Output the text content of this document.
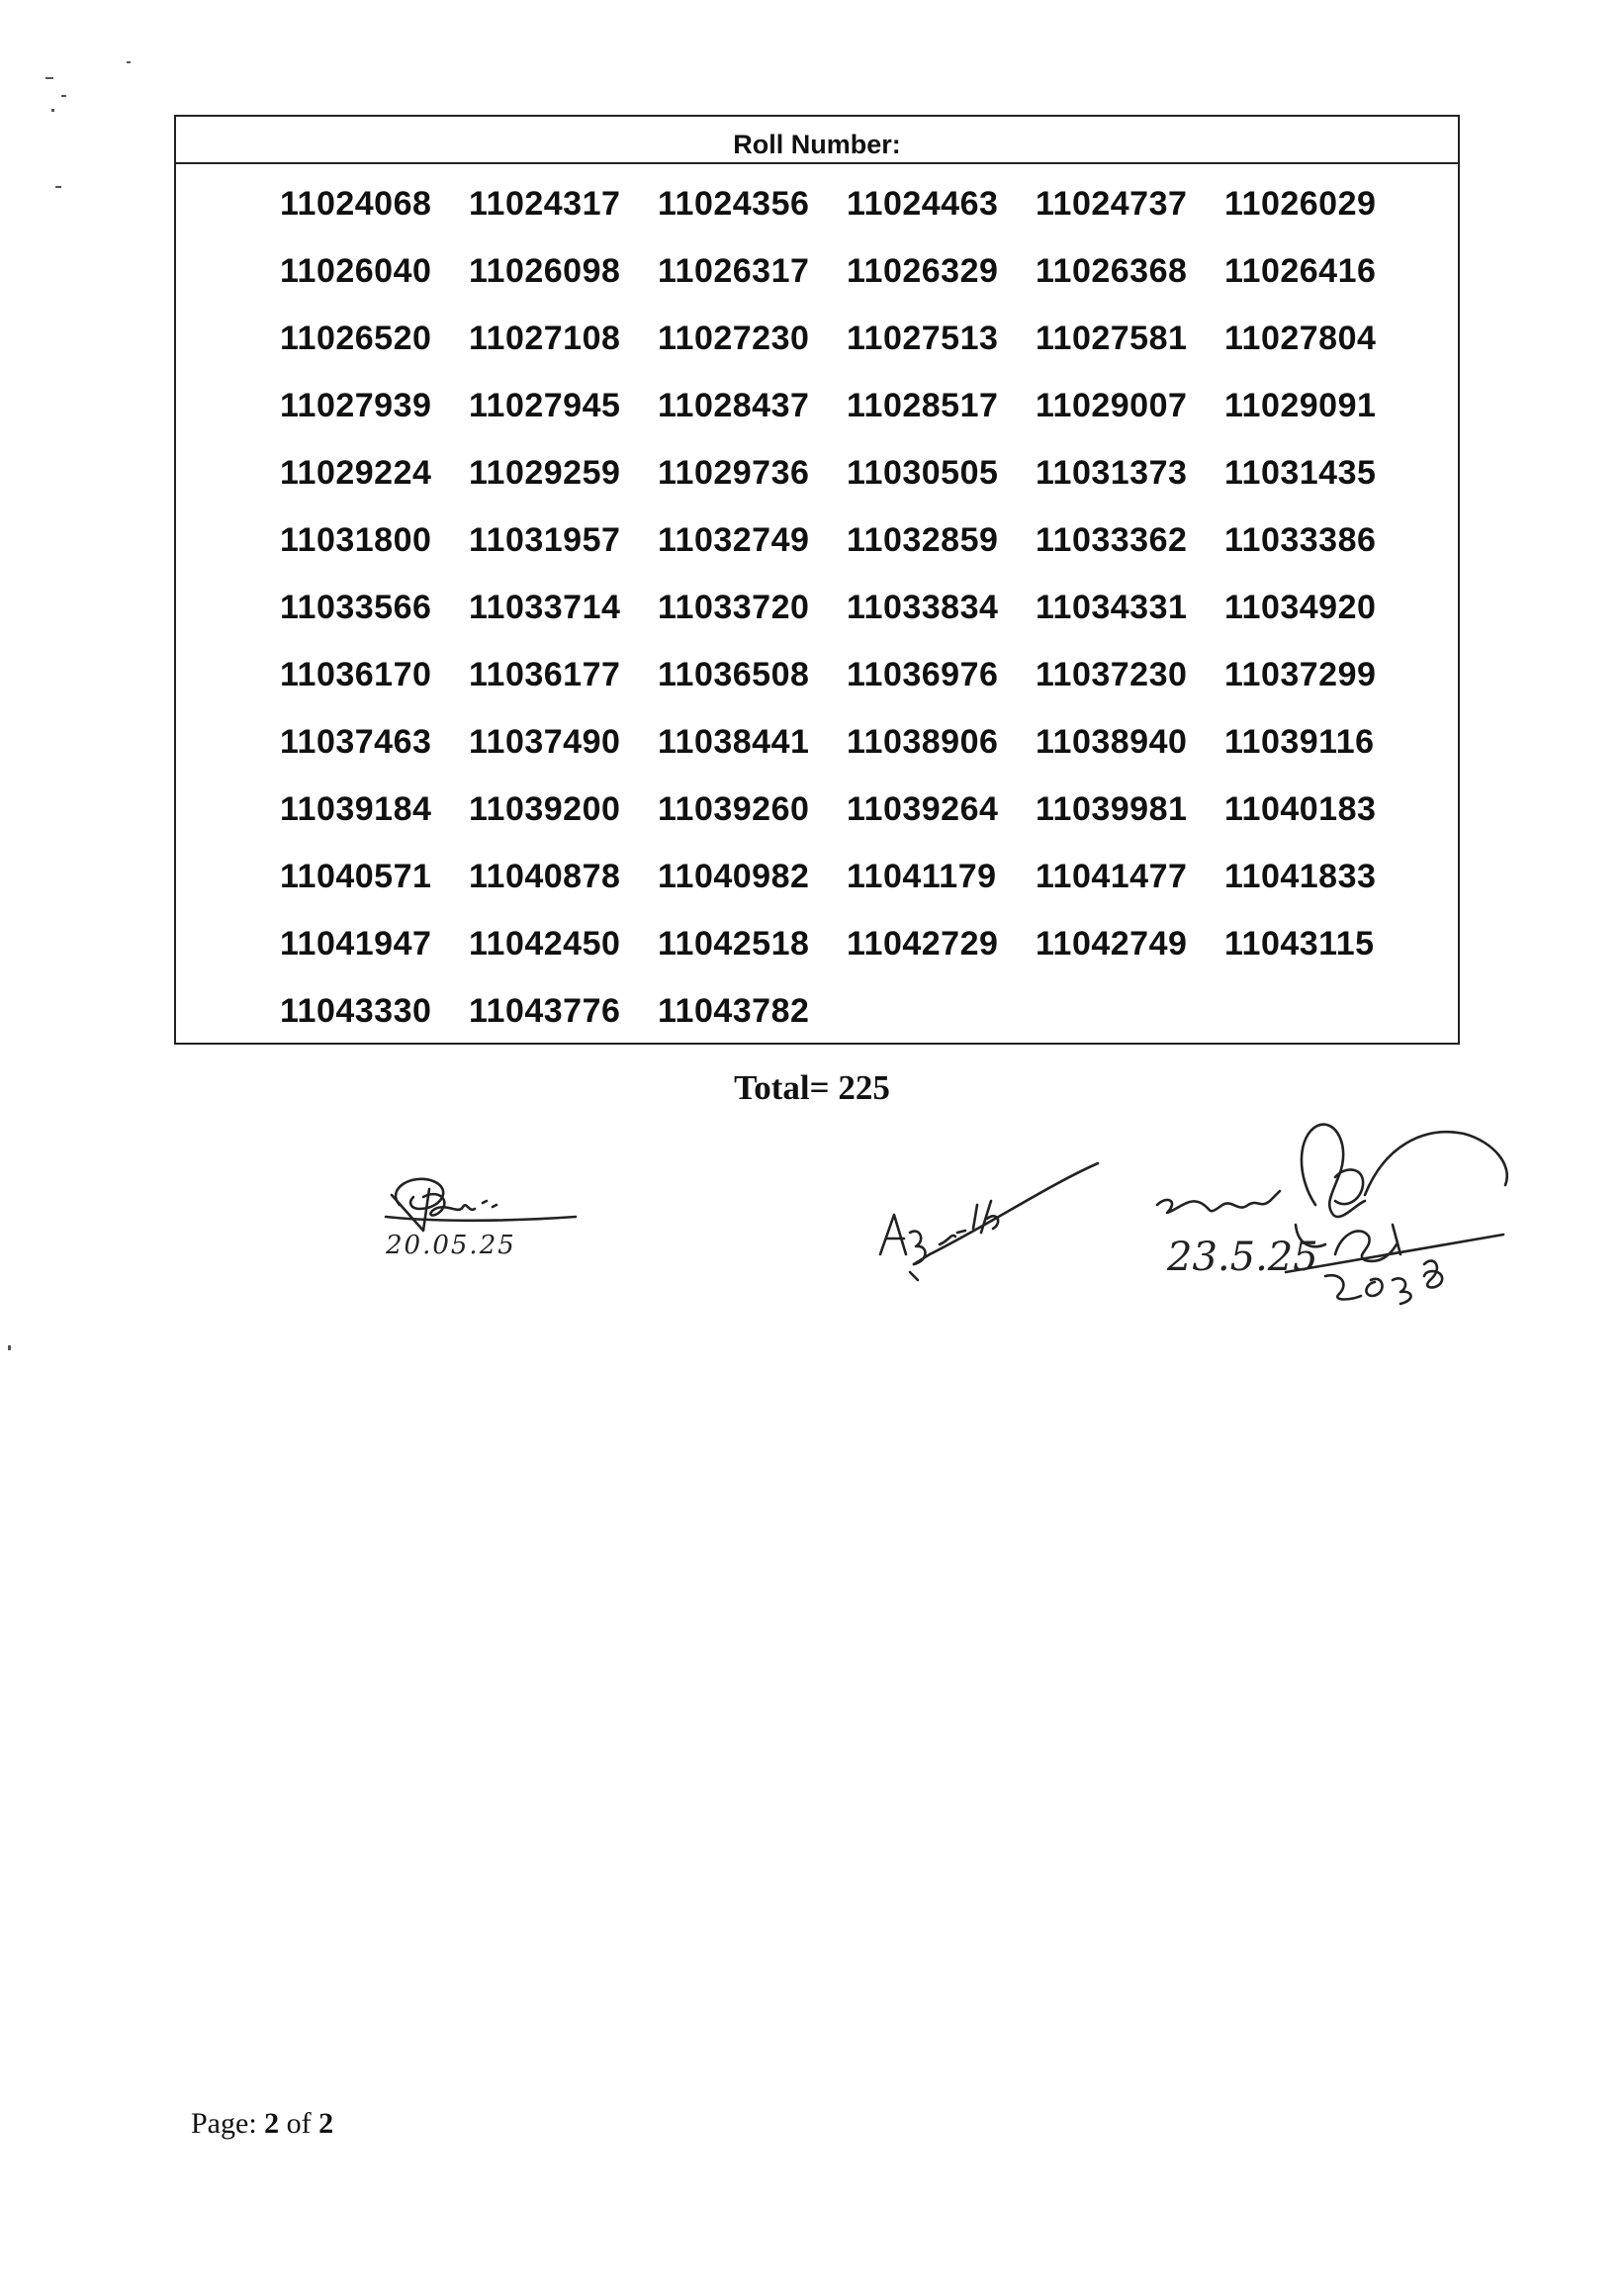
Roll Number:
11024068	11024317	11024356	11024463	11024737	11026029
11026040	11026098	11026317	11026329	11026368	11026416
11026520	11027108	11027230	11027513	11027581	11027804
11027939	11027945	11028437	11028517	11029007	11029091
11029224	11029259	11029736	11030505	11031373	11031435
11031800	11031957	11032749	11032859	11033362	11033386
11033566	11033714	11033720	11033834	11034331	11034920
11036170	11036177	11036508	11036976	11037230	11037299
11037463	11037490	11038441	11038906	11038940	11039116
11039184	11039200	11039260	11039264	11039981	11040183
11040571	11040878	11040982	11041179	11041477	11041833
11041947	11042450	11042518	11042729	11042749	11043115
11043330	11043776	11043782
Total= 225
20.05.25	23.5.25
Page: 2 of 2
